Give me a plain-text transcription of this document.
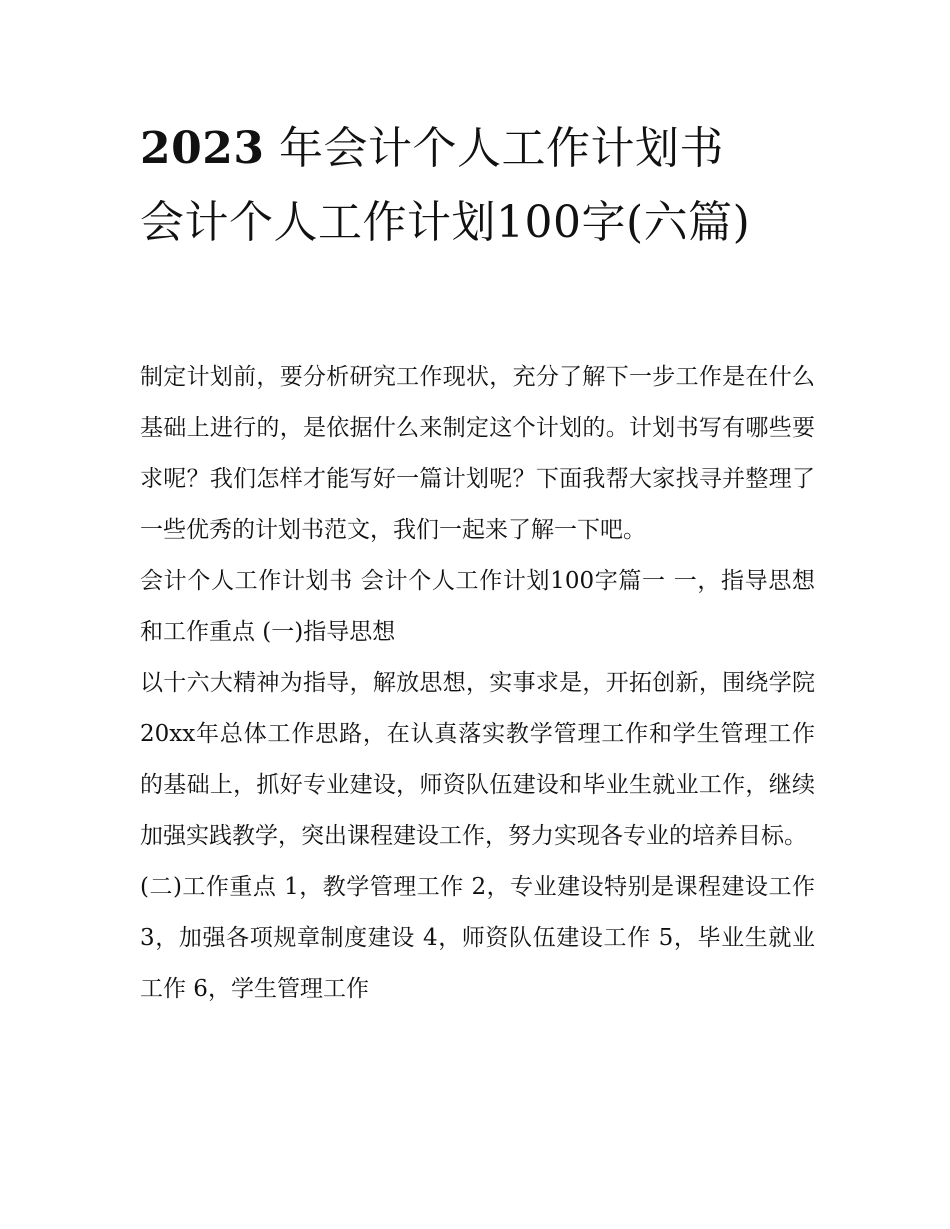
2023 年会计个人工作计划书 会计个人工作计划100字(六篇)

制定计划前，要分析研究工作现状，充分了解下一步工作是在什么基础上进行的，是依据什么来制定这个计划的。计划书写有哪些要求呢？我们怎样才能写好一篇计划呢？下面我帮大家找寻并整理了一些优秀的计划书范文，我们一起来了解一下吧。

会计个人工作计划书 会计个人工作计划100字篇一 一，指导思想和工作重点 (一)指导思想

以十六大精神为指导，解放思想，实事求是，开拓创新，围绕学院20xx年总体工作思路，在认真落实教学管理工作和学生管理工作的基础上，抓好专业建设，师资队伍建设和毕业生就业工作，继续加强实践教学，突出课程建设工作，努力实现各专业的培养目标。

(二)工作重点 1，教学管理工作 2，专业建设特别是课程建设工作 3，加强各项规章制度建设 4，师资队伍建设工作 5，毕业生就业工作 6，学生管理工作
